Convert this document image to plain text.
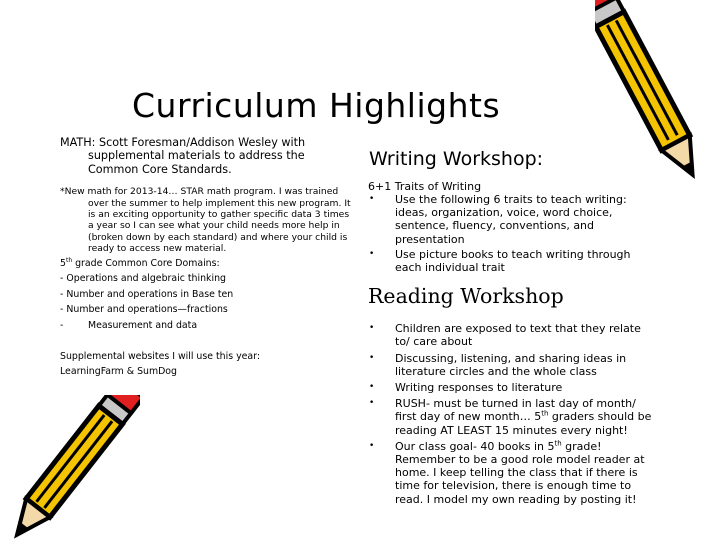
Curriculum Highlights

MATH: Scott Foresman/Addison Wesley with supplemental materials to address the Common Core Standards.

*New math for 2013-14… STAR math program. I was trained over the summer to help implement this new program. It is an exciting opportunity to gather specific data 3 times a year so I can see what your child needs more help in (broken down by each standard) and where your child is ready to access new material.

5th grade Common Core Domains:
- Operations and algebraic thinking
- Number and operations in Base ten
- Number and operations—fractions
-	Measurement and data
Supplemental websites I will use this year:
LearningFarm & SumDog
Writing Workshop:
6+1 Traits of Writing
• Use the following 6 traits to teach writing: ideas, organization, voice, word choice, sentence, fluency, conventions, and presentation
• Use picture books to teach writing through each individual trait
Reading Workshop
• Children are exposed to text that they relate to/ care about
• Discussing, listening, and sharing ideas in literature circles and the whole class
• Writing responses to literature
• RUSH- must be turned in last day of month/ first day of new month… 5th graders should be reading AT LEAST 15 minutes every night!
• Our class goal- 40 books in 5th grade! Remember to be a good role model reader at home. I keep telling the class that if there is time for television, there is enough time to read. I model my own reading by posting it!
